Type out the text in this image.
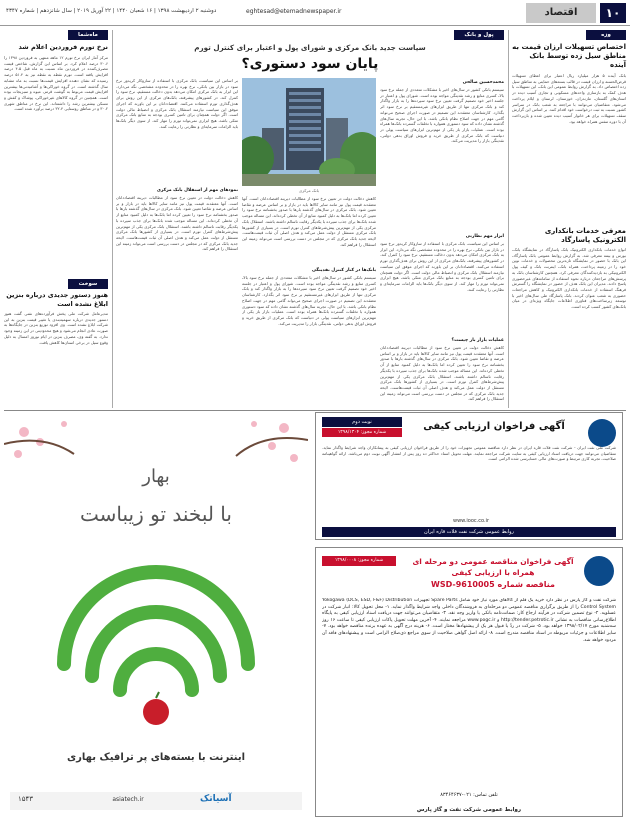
۱۰
اقتصاد
eghtesad@etemadnewspaper.ir
دوشنبه ۲ اردیبهشت ۱۳۹۸ | ۱۶ شعبان ۱۴۴۰ | ۲۲ آوریل ۲۰۱۹ | سال شانزدهم | شماره ۴۳۴۷
وزه
اختصاص تسهیلات ارزان قیمت به مناطق سیل زده توسط بانک آینده
بانک آینده ۵ هزار میلیارد ریال اعتبار برای اعطای تسهیلات قرض‌الحسنه و ارزان قیمت در قالب بسته‌های حمایتی به مناطق سیل زده اختصاص داد. به گزارش روابط عمومی این بانک، این تسهیلات با هدف کمک به بازسازی واحدهای مسکونی و تجاری آسیب دیده در استان‌های گلستان، مازندران، خوزستان، لرستان و ایلام پرداخت می‌شود. متقاضیان می‌توانند با مراجعه به شعب بانک در سراسر کشور نسبت به ثبت درخواست خود اقدام کنند. بر اساس این گزارش سقف تسهیلات برای هر خانوار آسیب دیده تعیین شده و بازپرداخت آن با دوره تنفس همراه خواهد بود.
معرفی خدمات بانکداری الکترونیک پاسارگاد
انواع خدمات بانکداری الکترونیک بانک پاسارگاد در نمایشگاه بانک، بورس و بیمه معرفی شد. به گزارش روابط عمومی بانک پاسارگاد، این بانک با حضور در نمایشگاه تازه‌ترین محصولات و خدمات نوین خود را در زمینه پرداخت، همراه بانک، اینترنت بانک و کیف پول الکترونیکی به بازدیدکنندگان معرفی کرد. همچنین کارشناسان بانک به پرسش‌های مراجعان درباره نحوه استفاده از سامانه‌های غیرحضوری پاسخ دادند. مدیران این بانک هدف از حضور در نمایشگاه را گسترش فرهنگ استفاده از خدمات بانکداری الکترونیک و کاهش مراجعات حضوری به شعب عنوان کردند. بانک پاسارگاد طی سال‌های اخیر با توسعه زیرساخت‌های فناوری اطلاعات جایگاه ویژه‌ای در میان بانک‌های کشور کسب کرده است.
پول و بانک
سیاست جدید بانک مرکزی و شورای پول و اعتبار برای کنترل تورم
پایان سود دستوری؟
بانک مرکزی
محمدحسین صالحی
سیستم بانکی کشور در سال‌های اخیر با مشکلات متعددی از جمله نرخ سود بالا، کسری منابع و رشد نقدینگی مواجه بوده است. شورای پول و اعتبار در جلسه اخیر خود تصمیم گرفت تعیین نرخ سود سپرده‌ها را به بازار واگذار کند و بانک مرکزی تنها از طریق ابزارهای غیرمستقیم بر نرخ سود اثر بگذارد. کارشناسان معتقدند این تصمیم در صورت اجرای صحیح می‌تواند گامی مهم در جهت اصلاح نظام بانکی باشد. با این حال، تجربه سال‌های گذشته نشان داده که سود دستوری همواره با تخلفات گسترده بانک‌ها همراه بوده است. عملیات بازار باز یکی از مهم‌ترین ابزارهای سیاست پولی در دنیاست که بانک مرکزی از طریق خرید و فروش اوراق بدهی دولتی، نقدینگی بازار را مدیریت می‌کند.
ابزار مهم نظارتی
بر اساس این سیاست، بانک مرکزی با استفاده از سازوکار کریدور نرخ سود در بازار بین بانکی، نرخ بهره را در محدوده مشخصی نگه می‌دارد. این ابزار به بانک مرکزی امکان می‌دهد بدون دخالت مستقیم، نرخ سود را کنترل کند. در کشورهای پیشرفته، بانک‌های مرکزی از این روش برای هدف‌گذاری تورم استفاده می‌کنند. اقتصاددانان بر این باورند که اجرای موفق این سیاست نیازمند استقلال بانک مرکزی و انضباط مالی دولت است. اگر دولت همچنان برای تامین کسری بودجه به منابع بانک مرکزی متکی باشد، هیچ ابزاری نمی‌تواند تورم را مهار کند. از سوی دیگر بانک‌ها باید الزامات سرمایه‌ای و نظارتی را رعایت کنند.
عملیات بازار باز چیست؟
کاهش دخالت دولت در تعیین نرخ سود از مطالبات دیرینه اقتصاددانان است. آنها معتقدند قیمت پول نیز مانند سایر کالاها باید در بازار و بر اساس عرضه و تقاضا تعیین شود. بانک مرکزی در سال‌های گذشته بارها با صدور بخشنامه نرخ سود را تعیین کرده اما بانک‌ها به دلیل کمبود منابع از آن تخطی کرده‌اند. این مساله موجب شده بانک‌ها برای جذب سپرده با یکدیگر رقابت ناسالم داشته باشند. استقلال بانک مرکزی یکی از مهم‌ترین پیش‌شرط‌های کنترل تورم است. در بسیاری از کشورها بانک مرکزی مستقل از دولت عمل می‌کند و هدف اصلی آن ثبات قیمت‌هاست. لایحه جدید بانک مرکزی که در مجلس در دست بررسی است می‌تواند زمینه این استقلال را فراهم کند.
کاهش دخالت دولت در تعیین نرخ سود از مطالبات دیرینه اقتصاددانان است. آنها معتقدند قیمت پول نیز مانند سایر کالاها باید در بازار و بر اساس عرضه و تقاضا تعیین شود. بانک مرکزی در سال‌های گذشته بارها با صدور بخشنامه نرخ سود را تعیین کرده اما بانک‌ها به دلیل کمبود منابع از آن تخطی کرده‌اند. این مساله موجب شده بانک‌ها برای جذب سپرده با یکدیگر رقابت ناسالم داشته باشند. استقلال بانک مرکزی یکی از مهم‌ترین پیش‌شرط‌های کنترل تورم است. در بسیاری از کشورها بانک مرکزی مستقل از دولت عمل می‌کند و هدف اصلی آن ثبات قیمت‌هاست. لایحه جدید بانک مرکزی که در مجلس در دست بررسی است می‌تواند زمینه این استقلال را فراهم کند.
بانک‌ها در کنار کنترل نقدینگی
سیستم بانکی کشور در سال‌های اخیر با مشکلات متعددی از جمله نرخ سود بالا، کسری منابع و رشد نقدینگی مواجه بوده است. شورای پول و اعتبار در جلسه اخیر خود تصمیم گرفت تعیین نرخ سود سپرده‌ها را به بازار واگذار کند و بانک مرکزی تنها از طریق ابزارهای غیرمستقیم بر نرخ سود اثر بگذارد. کارشناسان معتقدند این تصمیم در صورت اجرای صحیح می‌تواند گامی مهم در جهت اصلاح نظام بانکی باشد. با این حال، تجربه سال‌های گذشته نشان داده که سود دستوری همواره با تخلفات گسترده بانک‌ها همراه بوده است. عملیات بازار باز یکی از مهم‌ترین ابزارهای سیاست پولی در دنیاست که بانک مرکزی از طریق خرید و فروش اوراق بدهی دولتی، نقدینگی بازار را مدیریت می‌کند.
بر اساس این سیاست، بانک مرکزی با استفاده از سازوکار کریدور نرخ سود در بازار بین بانکی، نرخ بهره را در محدوده مشخصی نگه می‌دارد. این ابزار به بانک مرکزی امکان می‌دهد بدون دخالت مستقیم، نرخ سود را کنترل کند. در کشورهای پیشرفته، بانک‌های مرکزی از این روش برای هدف‌گذاری تورم استفاده می‌کنند. اقتصاددانان بر این باورند که اجرای موفق این سیاست نیازمند استقلال بانک مرکزی و انضباط مالی دولت است. اگر دولت همچنان برای تامین کسری بودجه به منابع بانک مرکزی متکی باشد، هیچ ابزاری نمی‌تواند تورم را مهار کند. از سوی دیگر بانک‌ها باید الزامات سرمایه‌ای و نظارتی را رعایت کنند.
نمودهای مهم از استقلال بانک مرکزی
کاهش دخالت دولت در تعیین نرخ سود از مطالبات دیرینه اقتصاددانان است. آنها معتقدند قیمت پول نیز مانند سایر کالاها باید در بازار و بر اساس عرضه و تقاضا تعیین شود. بانک مرکزی در سال‌های گذشته بارها با صدور بخشنامه نرخ سود را تعیین کرده اما بانک‌ها به دلیل کمبود منابع از آن تخطی کرده‌اند. این مساله موجب شده بانک‌ها برای جذب سپرده با یکدیگر رقابت ناسالم داشته باشند. استقلال بانک مرکزی یکی از مهم‌ترین پیش‌شرط‌های کنترل تورم است. در بسیاری از کشورها بانک مرکزی مستقل از دولت عمل می‌کند و هدف اصلی آن ثبات قیمت‌هاست. لایحه جدید بانک مرکزی که در مجلس در دست بررسی است می‌تواند زمینه این استقلال را فراهم کند.
ماه‌شما
نرخ تورم فروردین اعلام شد
مرکز آمار ایران نرخ تورم ۱۲ ماهه منتهی به فروردین ۱۳۹۸ را ۳۰.۶ درصد اعلام کرد. بر اساس این گزارش، شاخص قیمت مصرف‌کننده در فروردین ماه نسبت به ماه قبل ۴.۵ درصد افزایش یافته است. تورم نقطه به نقطه نیز به ۵۱.۴ درصد رسیده که نشان دهنده افزایش قیمت‌ها نسبت به ماه مشابه سال گذشته است. در گروه خوراکی‌ها و آشامیدنی‌ها بیشترین افزایش قیمت مربوط به گوشت قرمز، میوه و سبزیجات بوده است. همچنین در گروه کالاهای غیرخوراکی، پوشاک و کفش و مسکن بیشترین رشد را داشته‌اند. این نرخ در مناطق شهری ۳۰.۲ و در مناطق روستایی ۳۲.۴ درصد برآورد شده است.
سوخت
هنوز دستور جدیدی درباره بنزین ابلاغ نشده است
مدیرعامل شرکت ملی پخش فرآورده‌های نفتی گفت هنوز دستور جدیدی درباره سهمیه‌بندی یا تغییر قیمت بنزین به این شرکت ابلاغ نشده است. وی افزود توزیع بنزین در جایگاه‌ها به صورت عادی انجام می‌شود و هیچ محدودیتی در این زمینه وجود ندارد. به گفته وی، مصرف بنزین در ایام نوروز امسال به دلیل وقوع سیل در برخی استان‌ها کاهش یافت.
بهار
با لبخند تو زیباست
اینترنت با بسته‌های پر ترافیک بهاری
آسیاتک
asiatech.ir
۱۵۴۳
آگهی فراخوان ارزیابی کیفی
نوبت دوم
شماره مجوز: ۱۳۹۸/۱۳۰۴
شرکت ملی نفت ایران - شرکت نفت فلات قاره ایران در نظر دارد مناقصه عمومی تجهیزات خود را از طریق فراخوان ارزیابی کیفی به پیمانکاران واجد شرایط واگذار نماید. متقاضیان می‌توانند جهت دریافت اسناد ارزیابی کیفی به سایت شرکت مراجعه نمایند. مهلت تحویل اسناد حداکثر ده روز پس از انتشار آگهی نوبت دوم می‌باشد. ارائه گواهینامه صلاحیت، تجربه کاری مرتبط و صورت‌های مالی حسابرسی شده الزامی است.
www.iooc.co.ir
روابط عمومی شرکت نفت فلات قاره ایران
آگهی فراخوان مناقصه عمومی دو مرحله ای همراه با ارزیابی کیفی
مناقصه شماره WSD-9610005
شماره مجوز: ۱۳۹۸/۰۰۰۸
شرکت نفت و گاز پارس در نظر دارد خرید یک قلم از کالاهای مورد نیاز خود شامل Spare Parts تجهیزات Yokogawa (DCS, ESD, F&F) Distribution Control System را از طریق برگزاری مناقصه عمومی دو مرحله‌ای به فروشندگان داخلی واجد شرایط واگذار نماید. ۱- محل تحویل کالا: انبار شرکت در عسلویه. ۲- نوع تضمین شرکت در فرآیند ارجاع کار: ضمانت‌نامه بانکی یا واریز وجه نقد. ۳- متقاضیان می‌توانند جهت دریافت اسناد ارزیابی کیفی به پایگاه اطلاع‌رسانی مناقصات به نشانی http://tender.petrotic.ir و www.pogc.ir مراجعه نمایند. ۴- آخرین مهلت تحویل پاکات ارزیابی کیفی تا ساعت ۱۶ روز سه‌شنبه مورخ ۱۳۹۸/۰۲/۱۷ خواهد بود. ۵- شرکت در ردّ یا قبول هر یک از پیشنهادها مختار است. ۶- هزینه درج آگهی به عهده برنده مناقصه خواهد بود. ۷- سایر اطلاعات و جزئیات مربوطه در اسناد مناقصه مندرج است. ۸- ارائه اصل گواهی صلاحیت از سوی مراجع ذی‌صلاح الزامی است و پیشنهادهای فاقد آن مردود خواهد شد.
تلفن تماس: ۰۲۱-۸۳۴۶۴۶۳۷
روابط عمومی شرکت نفت و گاز پارس
